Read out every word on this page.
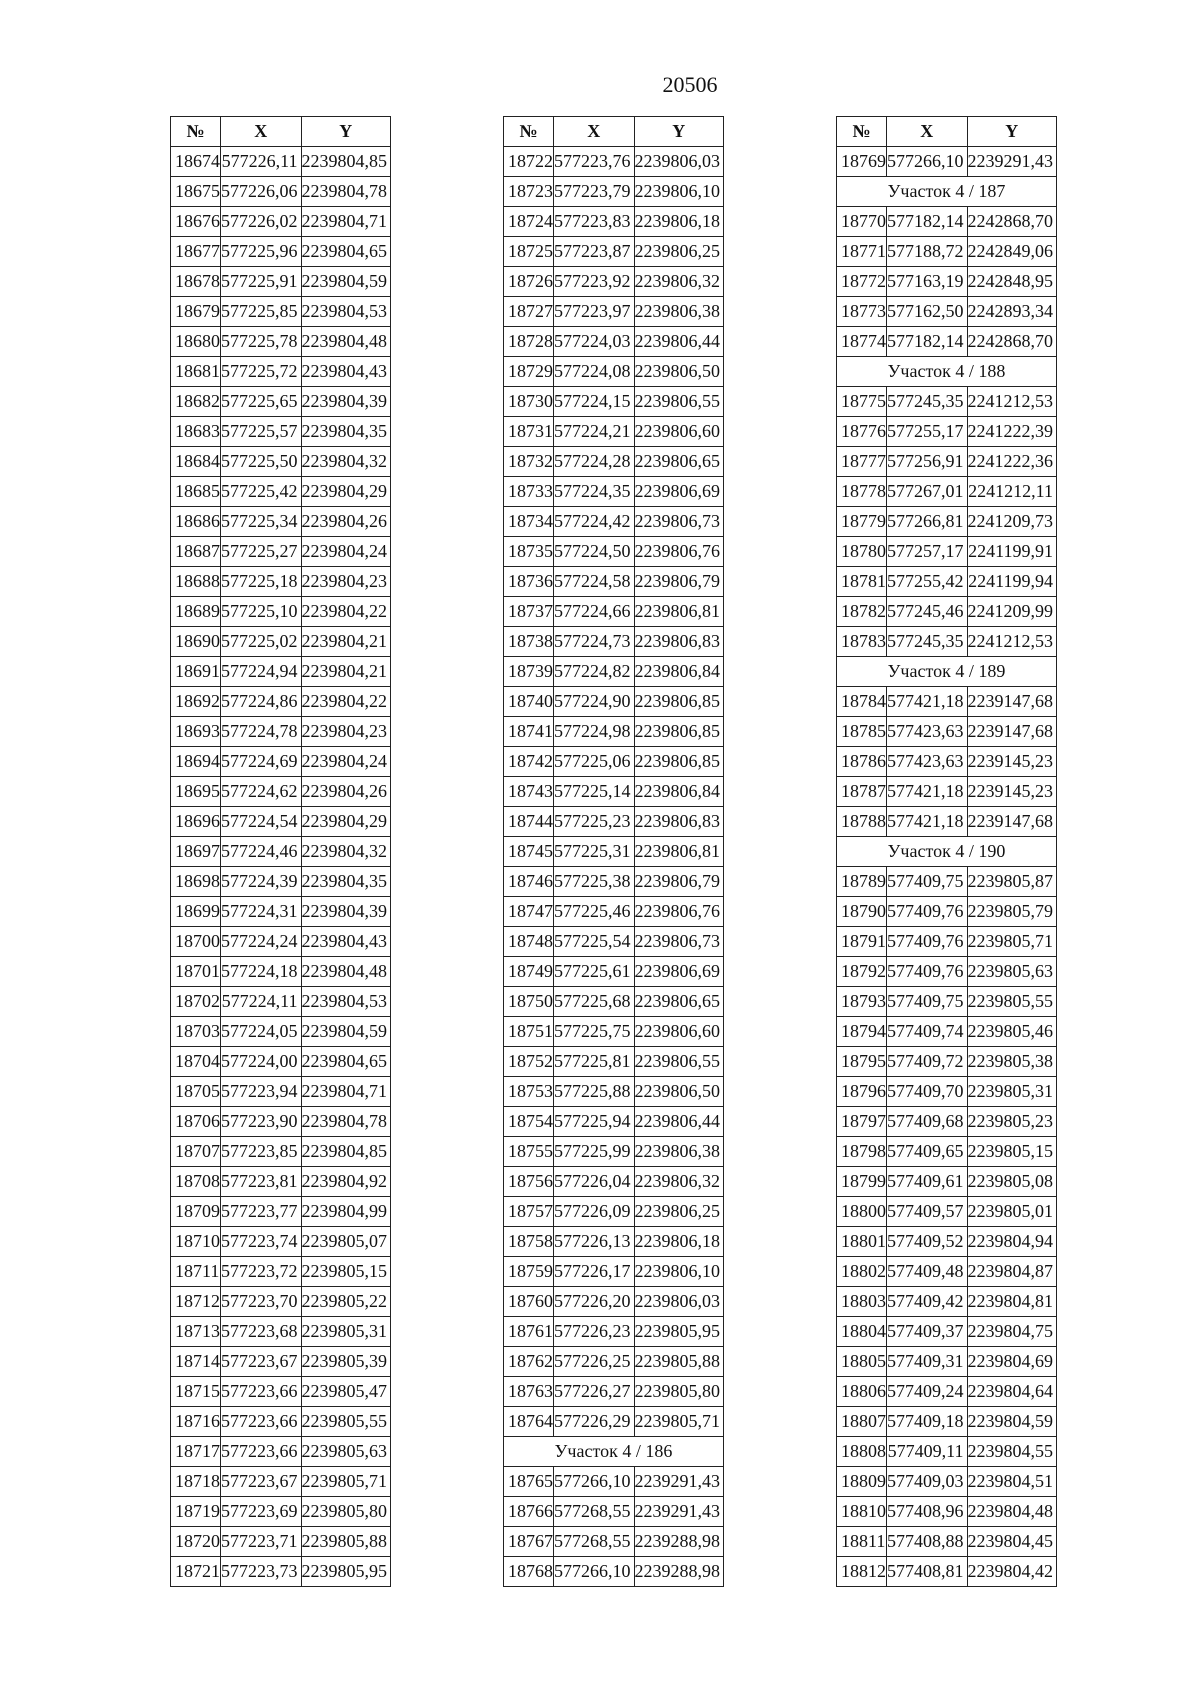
20506
№	X	Y
18674	577226,11	2239804,85
18675	577226,06	2239804,78
18676	577226,02	2239804,71
18677	577225,96	2239804,65
18678	577225,91	2239804,59
18679	577225,85	2239804,53
18680	577225,78	2239804,48
18681	577225,72	2239804,43
18682	577225,65	2239804,39
18683	577225,57	2239804,35
18684	577225,50	2239804,32
18685	577225,42	2239804,29
18686	577225,34	2239804,26
18687	577225,27	2239804,24
18688	577225,18	2239804,23
18689	577225,10	2239804,22
18690	577225,02	2239804,21
18691	577224,94	2239804,21
18692	577224,86	2239804,22
18693	577224,78	2239804,23
18694	577224,69	2239804,24
18695	577224,62	2239804,26
18696	577224,54	2239804,29
18697	577224,46	2239804,32
18698	577224,39	2239804,35
18699	577224,31	2239804,39
18700	577224,24	2239804,43
18701	577224,18	2239804,48
18702	577224,11	2239804,53
18703	577224,05	2239804,59
18704	577224,00	2239804,65
18705	577223,94	2239804,71
18706	577223,90	2239804,78
18707	577223,85	2239804,85
18708	577223,81	2239804,92
18709	577223,77	2239804,99
18710	577223,74	2239805,07
18711	577223,72	2239805,15
18712	577223,70	2239805,22
18713	577223,68	2239805,31
18714	577223,67	2239805,39
18715	577223,66	2239805,47
18716	577223,66	2239805,55
18717	577223,66	2239805,63
18718	577223,67	2239805,71
18719	577223,69	2239805,80
18720	577223,71	2239805,88
18721	577223,73	2239805,95
№	X	Y
18722	577223,76	2239806,03
18723	577223,79	2239806,10
18724	577223,83	2239806,18
18725	577223,87	2239806,25
18726	577223,92	2239806,32
18727	577223,97	2239806,38
18728	577224,03	2239806,44
18729	577224,08	2239806,50
18730	577224,15	2239806,55
18731	577224,21	2239806,60
18732	577224,28	2239806,65
18733	577224,35	2239806,69
18734	577224,42	2239806,73
18735	577224,50	2239806,76
18736	577224,58	2239806,79
18737	577224,66	2239806,81
18738	577224,73	2239806,83
18739	577224,82	2239806,84
18740	577224,90	2239806,85
18741	577224,98	2239806,85
18742	577225,06	2239806,85
18743	577225,14	2239806,84
18744	577225,23	2239806,83
18745	577225,31	2239806,81
18746	577225,38	2239806,79
18747	577225,46	2239806,76
18748	577225,54	2239806,73
18749	577225,61	2239806,69
18750	577225,68	2239806,65
18751	577225,75	2239806,60
18752	577225,81	2239806,55
18753	577225,88	2239806,50
18754	577225,94	2239806,44
18755	577225,99	2239806,38
18756	577226,04	2239806,32
18757	577226,09	2239806,25
18758	577226,13	2239806,18
18759	577226,17	2239806,10
18760	577226,20	2239806,03
18761	577226,23	2239805,95
18762	577226,25	2239805,88
18763	577226,27	2239805,80
18764	577226,29	2239805,71
Участок 4 / 186		
18765	577266,10	2239291,43
18766	577268,55	2239291,43
18767	577268,55	2239288,98
18768	577266,10	2239288,98
№	X	Y
18769	577266,10	2239291,43
Участок 4 / 187		
18770	577182,14	2242868,70
18771	577188,72	2242849,06
18772	577163,19	2242848,95
18773	577162,50	2242893,34
18774	577182,14	2242868,70
Участок 4 / 188		
18775	577245,35	2241212,53
18776	577255,17	2241222,39
18777	577256,91	2241222,36
18778	577267,01	2241212,11
18779	577266,81	2241209,73
18780	577257,17	2241199,91
18781	577255,42	2241199,94
18782	577245,46	2241209,99
18783	577245,35	2241212,53
Участок 4 / 189		
18784	577421,18	2239147,68
18785	577423,63	2239147,68
18786	577423,63	2239145,23
18787	577421,18	2239145,23
18788	577421,18	2239147,68
Участок 4 / 190		
18789	577409,75	2239805,87
18790	577409,76	2239805,79
18791	577409,76	2239805,71
18792	577409,76	2239805,63
18793	577409,75	2239805,55
18794	577409,74	2239805,46
18795	577409,72	2239805,38
18796	577409,70	2239805,31
18797	577409,68	2239805,23
18798	577409,65	2239805,15
18799	577409,61	2239805,08
18800	577409,57	2239805,01
18801	577409,52	2239804,94
18802	577409,48	2239804,87
18803	577409,42	2239804,81
18804	577409,37	2239804,75
18805	577409,31	2239804,69
18806	577409,24	2239804,64
18807	577409,18	2239804,59
18808	577409,11	2239804,55
18809	577409,03	2239804,51
18810	577408,96	2239804,48
18811	577408,88	2239804,45
18812	577408,81	2239804,42
